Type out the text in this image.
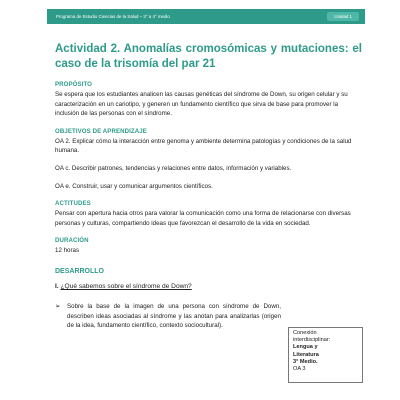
Programa de Estudio Ciencias de la Salud – 3° a 4° medio	Unidad 1
Actividad 2. Anomalías cromosómicas y mutaciones: el caso de la trisomía del par 21
PROPÓSITO

Se espera que los estudiantes analicen las causas genéticas del síndrome de Down, su origen celular y su caracterización en un cariotipo, y generen un fundamento científico que sirva de base para promover la inclusión de las personas con el síndrome.

OBJETIVOS DE APRENDIZAJE

OA 2. Explicar cómo la interacción entre genoma y ambiente determina patologías y condiciones de la salud humana.

OA c. Describir patrones, tendencias y relaciones entre datos, información y variables.

OA e. Construir, usar y comunicar argumentos científicos.

ACTITUDES

Pensar con apertura hacia otros para valorar la comunicación como una forma de relacionarse con diversas personas y culturas, compartiendo ideas que favorezcan el desarrollo de la vida en sociedad.

DURACIÓN

12 horas

DESARROLLO
I. ¿Qué sabemos sobre el síndrome de Down?
➢	Sobre la base de la imagen de una persona con síndrome de Down, describen ideas asociadas al síndrome y las anotan para analizarlas (origen de la idea, fundamento científico, contexto sociocultural).
Conexión
interdisciplinar:
Lengua y
Literatura
3° Medio.
OA 3
